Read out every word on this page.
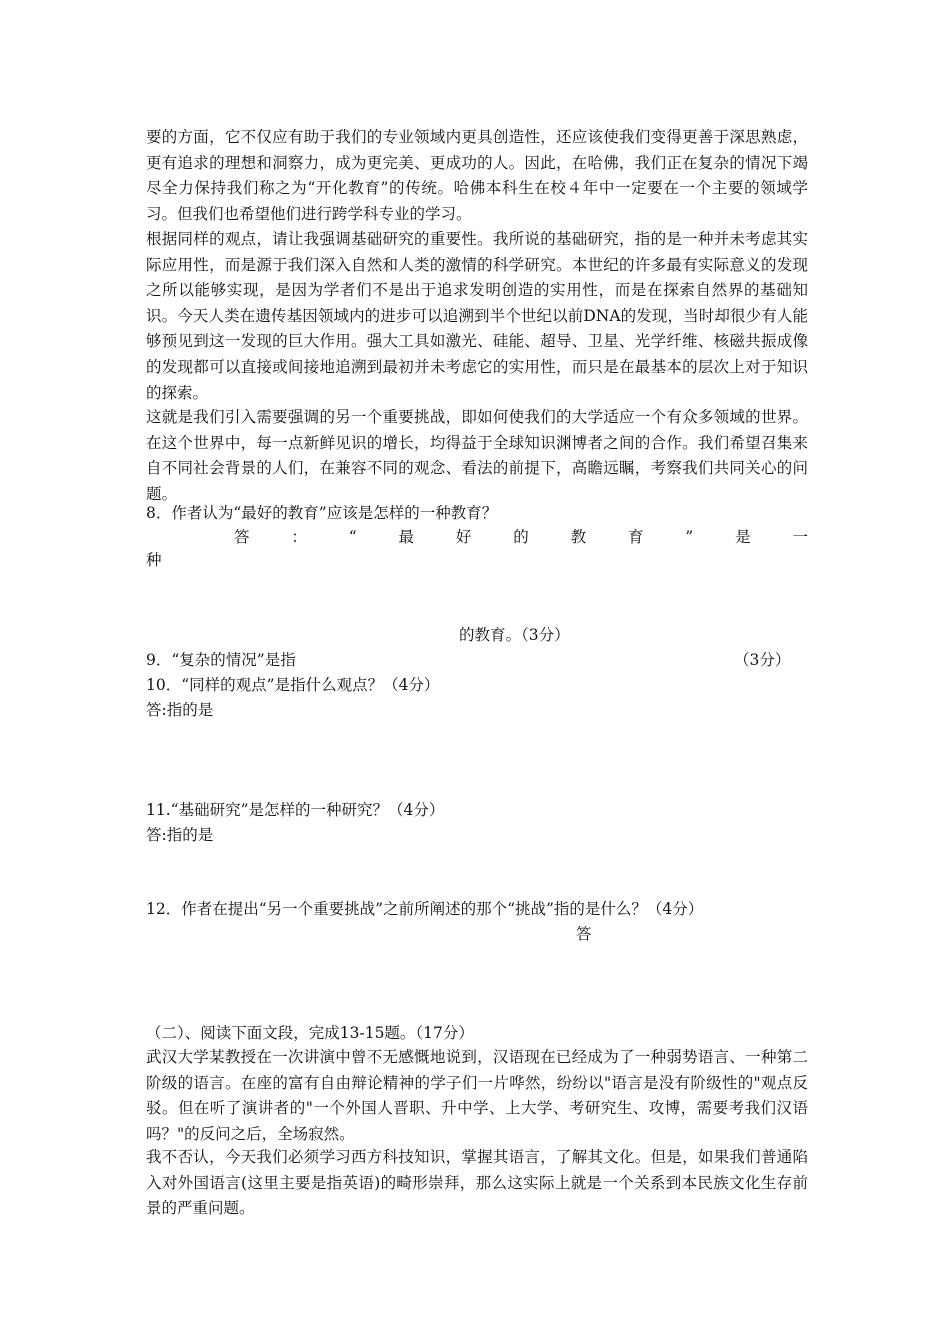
要的方面，它不仅应有助于我们的专业领域内更具创造性，还应该使我们变得更善于深思熟虑，更有追求的理想和洞察力，成为更完美、更成功的人。因此，在哈佛，我们正在复杂的情况下竭尽全力保持我们称之为“开化教育”的传统。哈佛本科生在校４年中一定要在一个主要的领域学习。但我们也希望他们进行跨学科专业的学习。

根据同样的观点，请让我强调基础研究的重要性。我所说的基础研究，指的是一种并未考虑其实际应用性，而是源于我们深入自然和人类的激情的科学研究。本世纪的许多最有实际意义的发现之所以能够实现，是因为学者们不是出于追求发明创造的实用性，而是在探索自然界的基础知识。今天人类在遗传基因领域内的进步可以追溯到半个世纪以前DNA的发现，当时却很少有人能够预见到这一发现的巨大作用。强大工具如激光、硅能、超导、卫星、光学纤维、核磁共振成像的发现都可以直接或间接地追溯到最初并未考虑它的实用性，而只是在最基本的层次上对于知识的探索。

这就是我们引入需要强调的另一个重要挑战，即如何使我们的大学适应一个有众多领域的世界。在这个世界中，每一点新鲜见识的增长，均得益于全球知识渊博者之间的合作。我们希望召集来自不同社会背景的人们，在兼容不同的观念、看法的前提下，高瞻远瞩，考察我们共同关心的问题。

8．作者认为“最好的教育”应该是怎样的一种教育？

答	：	“	最	好	的	教	育	”	是	一

种

的教育。（3分）

9．“复杂的情况”是指	（3分）

10．“同样的观点”是指什么观点？（4分）

答:指的是

11.“基础研究”是怎样的一种研究？（4分）

答:指的是

12．作者在提出“另一个重要挑战”之前所阐述的那个“挑战”指的是什么？（4分）

答

（二）、阅读下面文段，完成13-15题。（17分）

武汉大学某教授在一次讲演中曾不无感慨地说到，汉语现在已经成为了一种弱势语言、一种第二阶级的语言。在座的富有自由辩论精神的学子们一片哗然，纷纷以"语言是没有阶级性的"观点反驳。但在听了演讲者的"一个外国人晋职、升中学、上大学、考研究生、攻博，需要考我们汉语吗？"的反问之后，全场寂然。

我不否认，今天我们必须学习西方科技知识，掌握其语言，了解其文化。但是，如果我们普通陷入对外国语言(这里主要是指英语)的畸形崇拜，那么这实际上就是一个关系到本民族文化生存前景的严重问题。
